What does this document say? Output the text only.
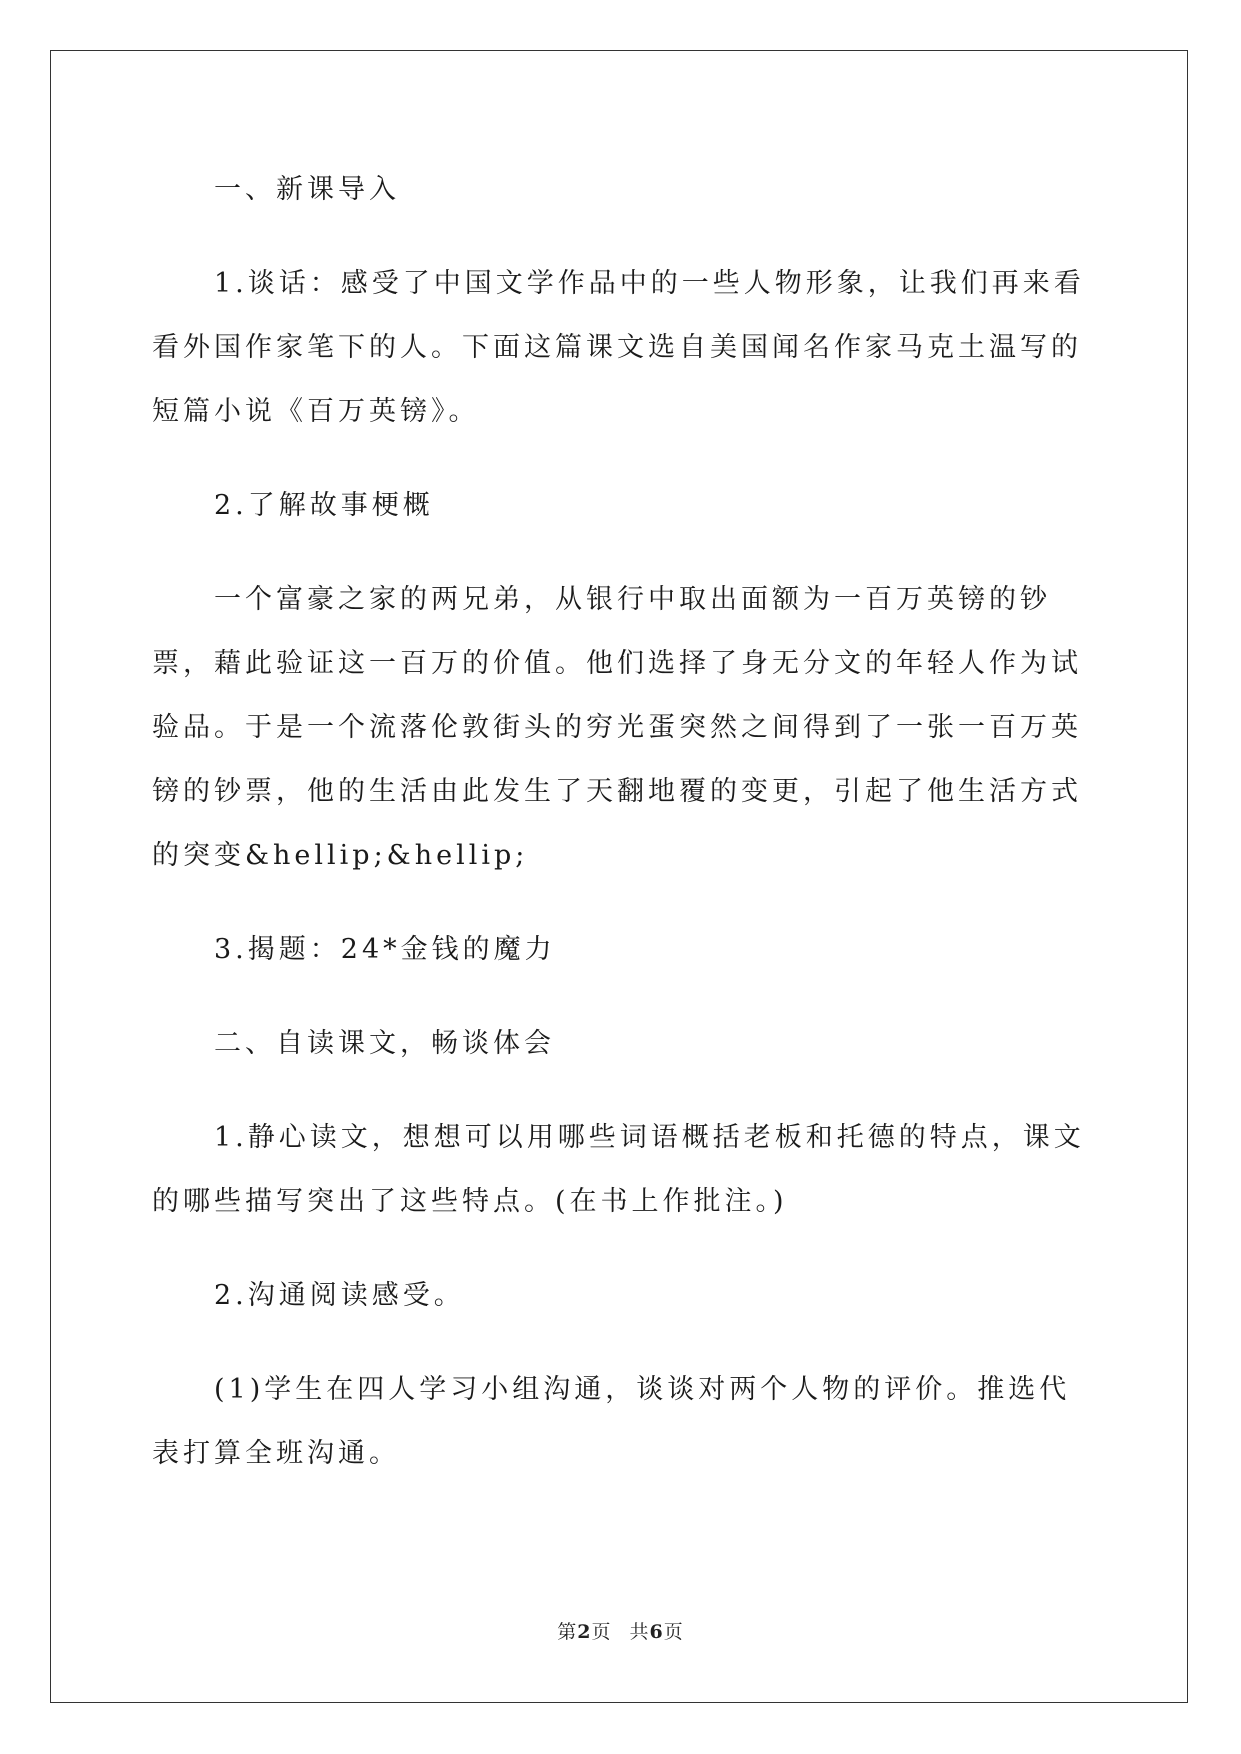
一、新课导入

1.谈话：感受了中国文学作品中的一些人物形象，让我们再来看看外国作家笔下的人。下面这篇课文选自美国闻名作家马克土温写的短篇小说《百万英镑》。

2.了解故事梗概

一个富豪之家的两兄弟，从银行中取出面额为一百万英镑的钞票，藉此验证这一百万的价值。他们选择了身无分文的年轻人作为试验品。于是一个流落伦敦街头的穷光蛋突然之间得到了一张一百万英镑的钞票，他的生活由此发生了天翻地覆的变更，引起了他生活方式的突变&hellip;&hellip;

3.揭题：24*金钱的魔力

二、自读课文，畅谈体会

1.静心读文，想想可以用哪些词语概括老板和托德的特点，课文的哪些描写突出了这些特点。(在书上作批注。)

2.沟通阅读感受。

(1)学生在四人学习小组沟通，谈谈对两个人物的评价。推选代表打算全班沟通。

第2页 共6页
